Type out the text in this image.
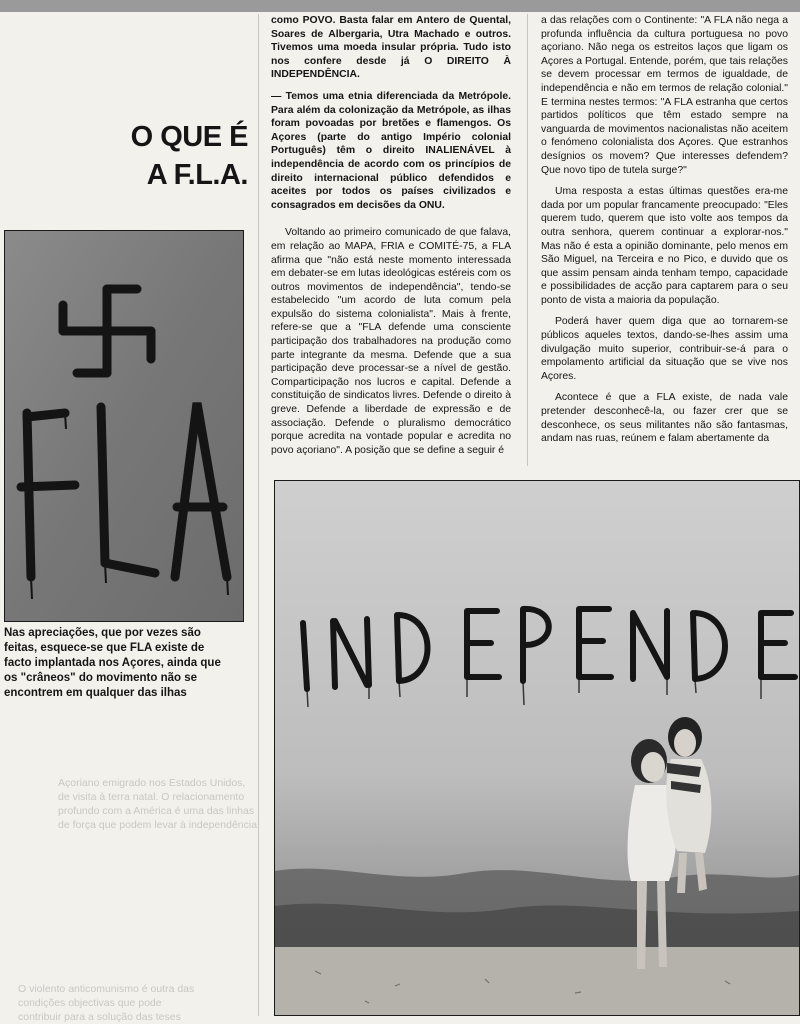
O QUE É
A F.L.A.
Nas apreciações, que por vezes são feitas, esquece-se que FLA existe de facto implantada nos Açores, ainda que os "crâneos" do movimento não se encontrem em qualquer das ilhas

Açoriano emigrado nos Estados Unidos, de visita à terra natal. O relacionamento profundo com a América é uma das linhas de força que podem levar à independência

O violento anticomunismo é outra das condições objectivas que pode contribuir para a solução das teses

como POVO. Basta falar em Antero de Quental, Soares de Albergaria, Utra Machado e outros. Tivemos uma moeda insular própria. Tudo isto nos confere desde já O DIREITO À INDEPENDÊNCIA.

— Temos uma etnia diferenciada da Metrópole. Para além da colonização da Metrópole, as ilhas foram povoadas por bretões e flamengos. Os Açores (parte do antigo Império colonial Português) têm o direito INALIENÁVEL à independência de acordo com os princípios de direito internacional público defendidos e aceites por todos os países civilizados e consagrados em decisões da ONU.

Voltando ao primeiro comunicado de que falava, em relação ao MAPA, FRIA e COMITÉ-75, a FLA afirma que "não está neste momento interessada em debater-se em lutas ideológicas estéreis com os outros movimentos de independência", tendo-se estabelecido "um acordo de luta comum pela expulsão do sistema colonialista". Mais à frente, refere-se que a "FLA defende uma consciente participação dos trabalhadores na produção como parte integrante da mesma. Defende que a sua participação deve processar-se a nível de gestão. Comparticipação nos lucros e capital. Defende a constituição de sindicatos livres. Defende o direito à greve. Defende a liberdade de expressão e de associação. Defende o pluralismo democrático porque acredita na vontade popular e acredita no povo açoriano". A posição que se define a seguir é

a das relações com o Continente: "A FLA não nega a profunda influência da cultura portuguesa no povo açoriano. Não nega os estreitos laços que ligam os Açores a Portugal. Entende, porém, que tais relações se devem processar em termos de igualdade, de independência e não em termos de relação colonial." E termina nestes termos: "A FLA estranha que certos partidos políticos que têm estado sempre na vanguarda de movimentos nacionalistas não aceitem o fenómeno colonialista dos Açores. Que estranhos desígnios os movem? Que interesses defendem? Que novo tipo de tutela surge?"

Uma resposta a estas últimas questões era-me dada por um popular francamente preocupado: "Eles querem tudo, querem que isto volte aos tempos da outra senhora, querem continuar a explorar-nos." Mas não é esta a opinião dominante, pelo menos em São Miguel, na Terceira e no Pico, e duvido que os que assim pensam ainda tenham tempo, capacidade e possibilidades de acção para captarem para o seu ponto de vista a maioria da população.

Poderá haver quem diga que ao tornarem-se públicos aqueles textos, dando-se-lhes assim uma divulgação muito superior, contribuir-se-á para o empolamento artificial da situação que se vive nos Açores.

Acontece é que a FLA existe, de nada vale pretender desconhecê-la, ou fazer crer que se desconhece, os seus militantes não são fantasmas, andam nas ruas, reúnem e falam abertamente da
